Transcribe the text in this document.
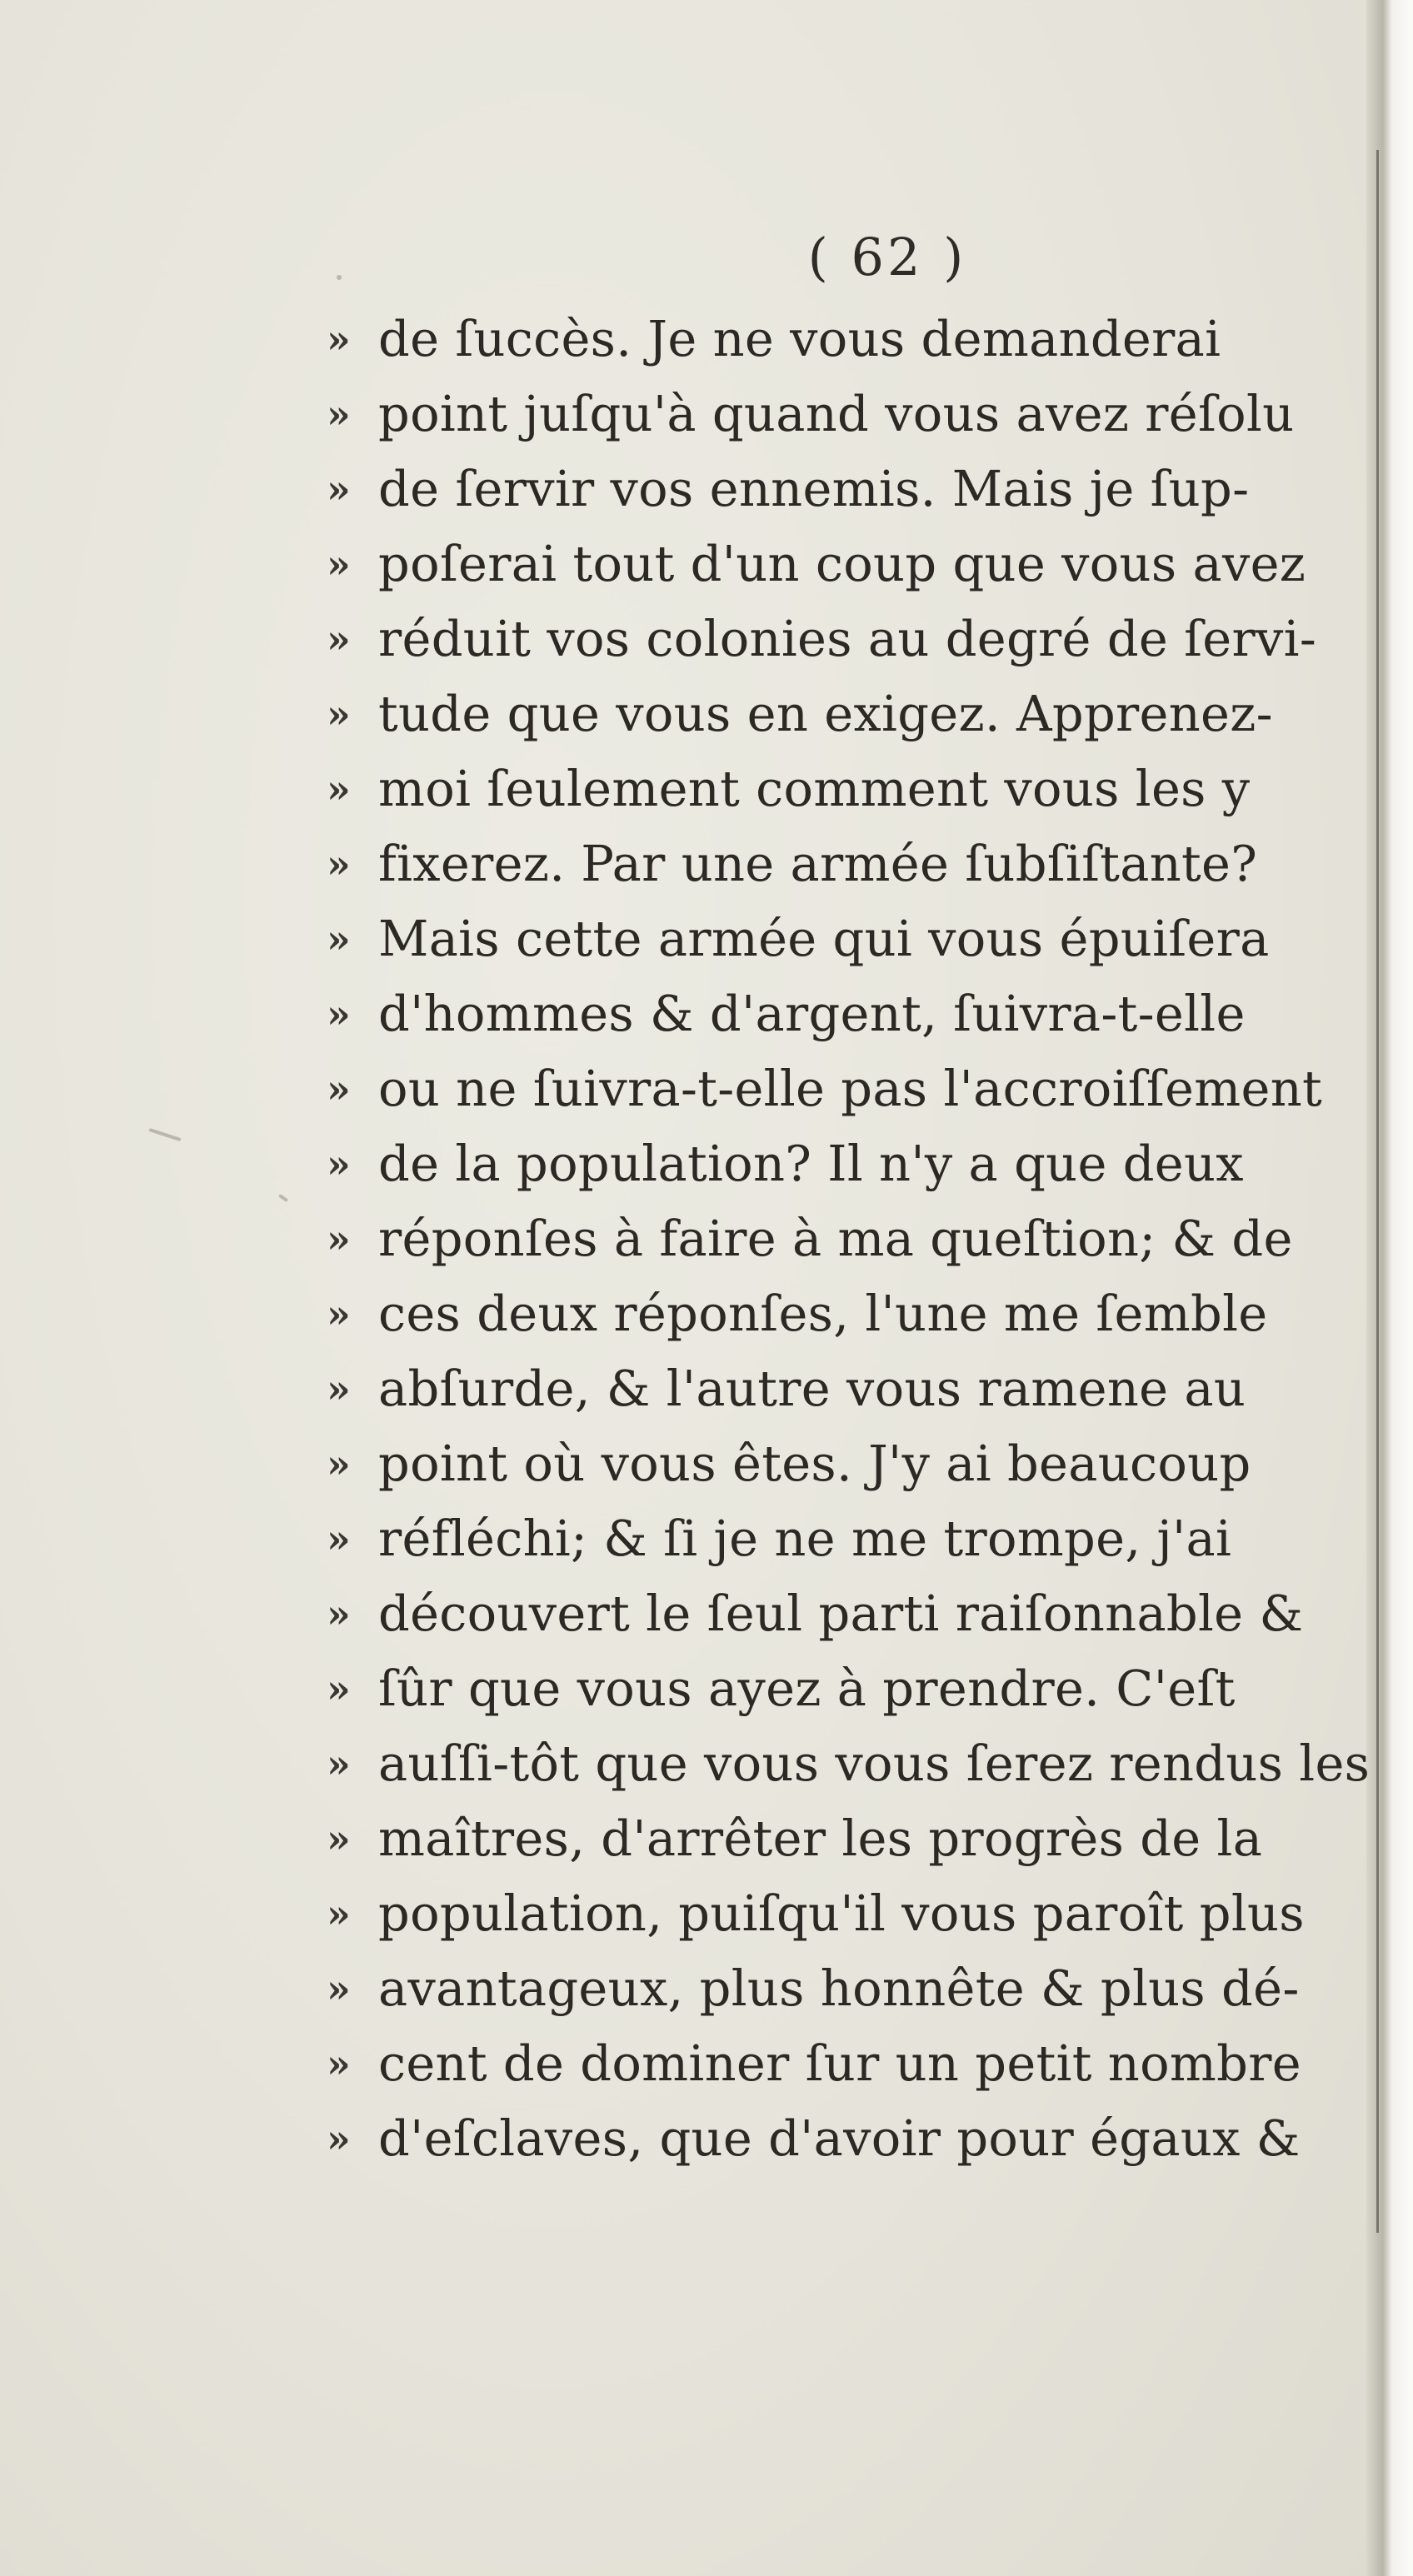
( 62 )
» de ſuccès. Je ne vous demanderai
» point juſqu'à quand vous avez réſolu
» de ſervir vos ennemis. Mais je ſup-
» poſerai tout d'un coup que vous avez
» réduit vos colonies au degré de ſervi-
» tude que vous en exigez. Apprenez-
» moi ſeulement comment vous les y
» fixerez. Par une armée ſubſiſtante?
» Mais cette armée qui vous épuiſera
» d'hommes & d'argent, ſuivra-t-elle
» ou ne ſuivra-t-elle pas l'accroiſſement
» de la population? Il n'y a que deux
» réponſes à faire à ma queſtion; & de
» ces deux réponſes, l'une me ſemble
» abſurde, & l'autre vous ramene au
» point où vous êtes. J'y ai beaucoup
» réfléchi; & ſi je ne me trompe, j'ai
» découvert le ſeul parti raiſonnable &
» ſûr que vous ayez à prendre. C'eſt
» auſſi-tôt que vous vous ſerez rendus les
» maîtres, d'arrêter les progrès de la
» population, puiſqu'il vous paroît plus
» avantageux, plus honnête & plus dé-
» cent de dominer ſur un petit nombre
» d'eſclaves, que d'avoir pour égaux &
